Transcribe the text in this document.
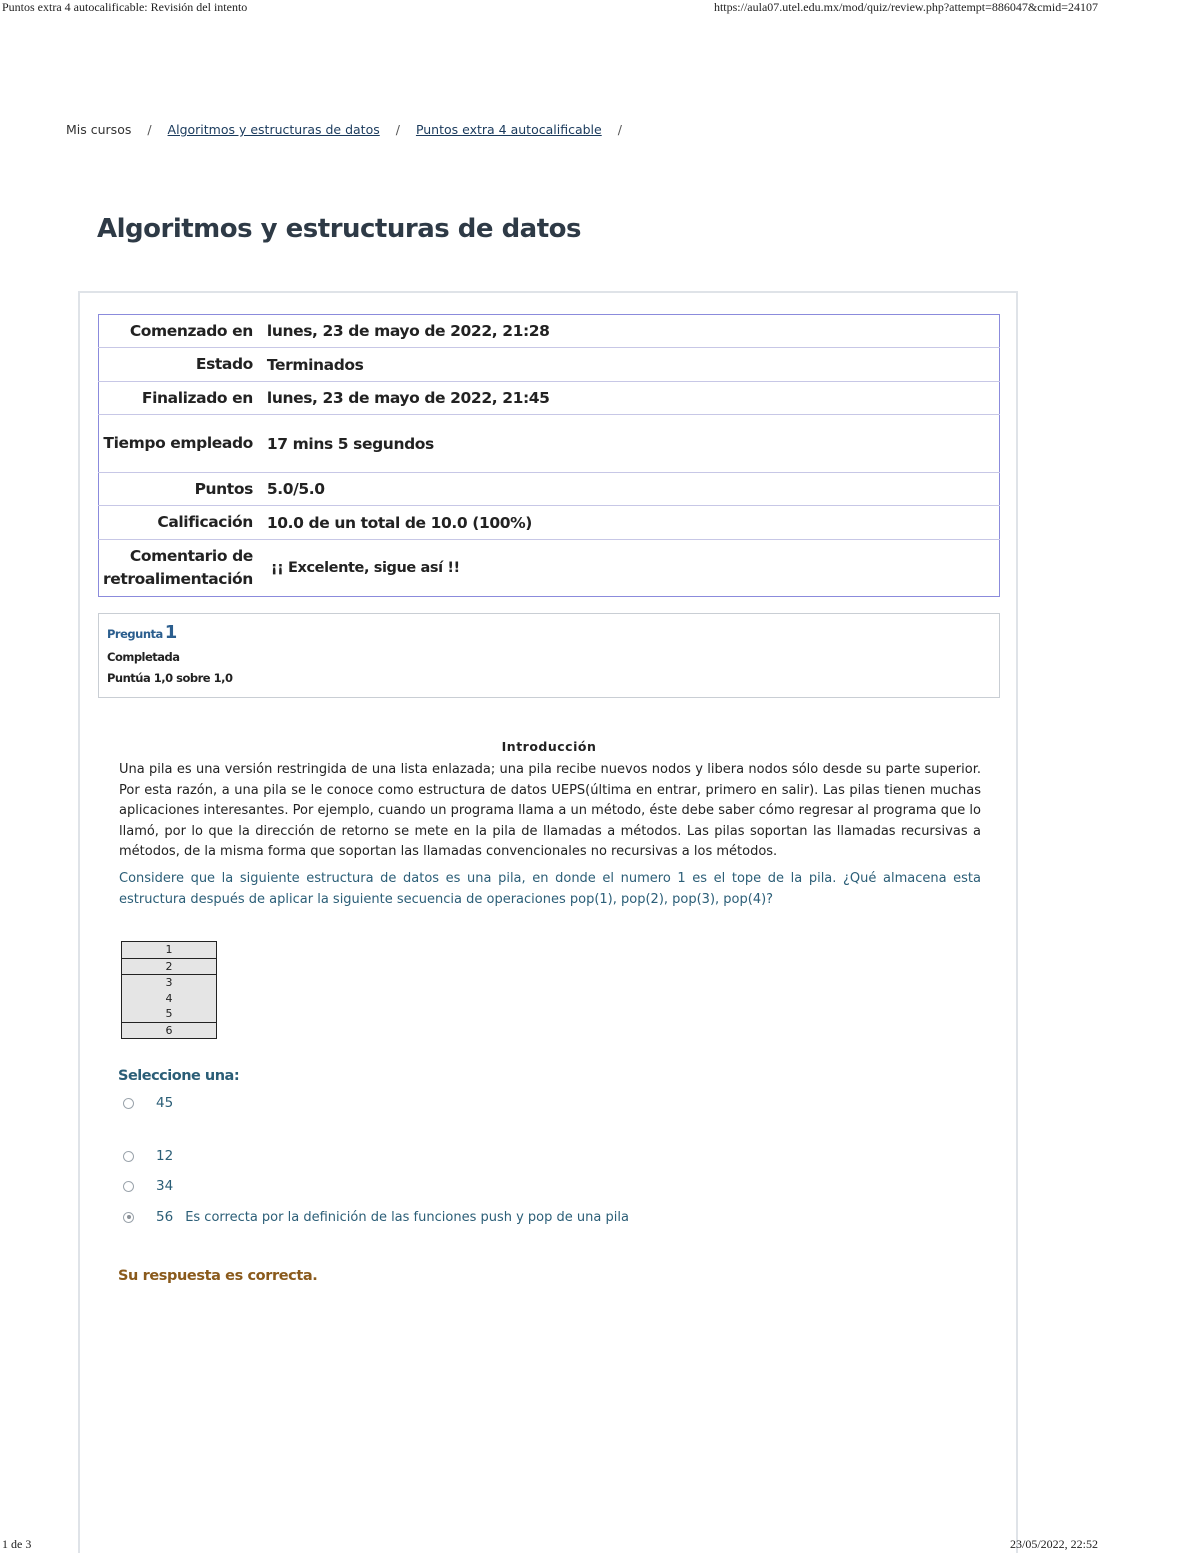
Puntos extra 4 autocalificable: Revisión del intento	https://aula07.utel.edu.mx/mod/quiz/review.php?attempt=886047&cmid=24107
Mis cursos / Algoritmos y estructuras de datos / Puntos extra 4 autocalificable /
Algoritmos y estructuras de datos
Comenzado en	lunes, 23 de mayo de 2022, 21:28
Estado	Terminados
Finalizado en	lunes, 23 de mayo de 2022, 21:45
Tiempo empleado	17 mins 5 segundos
Puntos	5.0/5.0
Calificación	10.0 de un total de 10.0 (100%)
Comentario de retroalimentación	¡¡ Excelente, sigue así !!
Pregunta 1
Completada
Puntúa 1,0 sobre 1,0
Introducción
Una pila es una versión restringida de una lista enlazada; una pila recibe nuevos nodos y libera nodos sólo desde su parte superior. Por esta razón, a una pila se le conoce como estructura de datos UEPS(última en entrar, primero en salir). Las pilas tienen muchas aplicaciones interesantes. Por ejemplo, cuando un programa llama a un método, éste debe saber cómo regresar al programa que lo llamó, por lo que la dirección de retorno se mete en la pila de llamadas a métodos. Las pilas soportan las llamadas recursivas a métodos, de la misma forma que soportan las llamadas convencionales no recursivas a los métodos.
Considere que la siguiente estructura de datos es una pila, en donde el numero 1 es el tope de la pila. ¿Qué almacena esta estructura después de aplicar la siguiente secuencia de operaciones pop(1), pop(2), pop(3), pop(4)?
1
2
3
4
5
6
Seleccione una:
45
12
34
56 Es correcta por la definición de las funciones push y pop de una pila
Su respuesta es correcta.
1 de 3	23/05/2022, 22:52
